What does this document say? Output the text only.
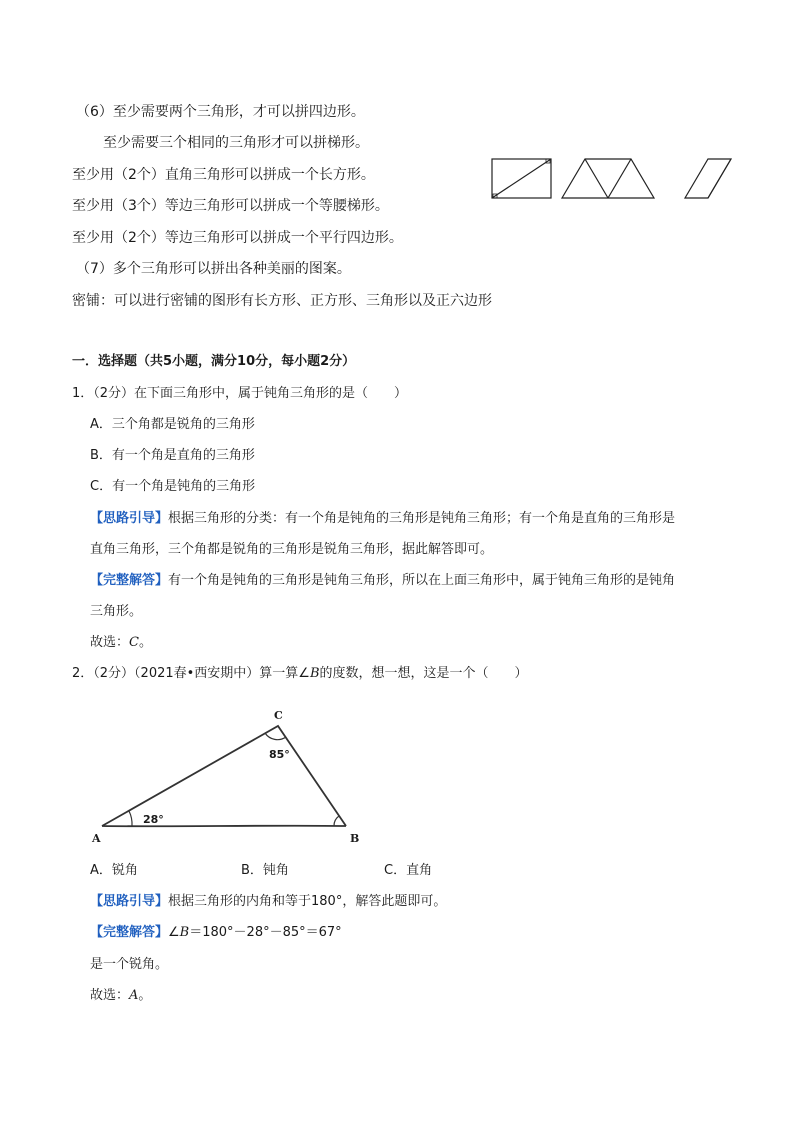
（6）至少需要两个三角形，才可以拼四边形。
至少需要三个相同的三角形才可以拼梯形。
至少用（2个）直角三角形可以拼成一个长方形。
至少用（3个）等边三角形可以拼成一个等腰梯形。
至少用（2个）等边三角形可以拼成一个平行四边形。
（7）多个三角形可以拼出各种美丽的图案。
密铺：可以进行密铺的图形有长方形、正方形、三角形以及正六边形
一．选择题（共5小题，满分10分，每小题2分）
1．（2分）在下面三角形中，属于钝角三角形的是（　　）
A．三个角都是锐角的三角形
B．有一个角是直角的三角形
C．有一个角是钝角的三角形
【思路引导】根据三角形的分类：有一个角是钝角的三角形是钝角三角形；有一个角是直角的三角形是
直角三角形，三个角都是锐角的三角形是锐角三角形，据此解答即可。
【完整解答】有一个角是钝角的三角形是钝角三角形，所以在上面三角形中，属于钝角三角形的是钝角
三角形。
故选：C。
2．（2分）（2021春•西安期中）算一算∠B的度数，想一想，这是一个（　　）
A	B
C
28°
85°
A．锐角	B．钝角	C．直角
【思路引导】根据三角形的内角和等于180°，解答此题即可。
【完整解答】∠B＝180°－28°－85°＝67°
是一个锐角。
故选：A。
